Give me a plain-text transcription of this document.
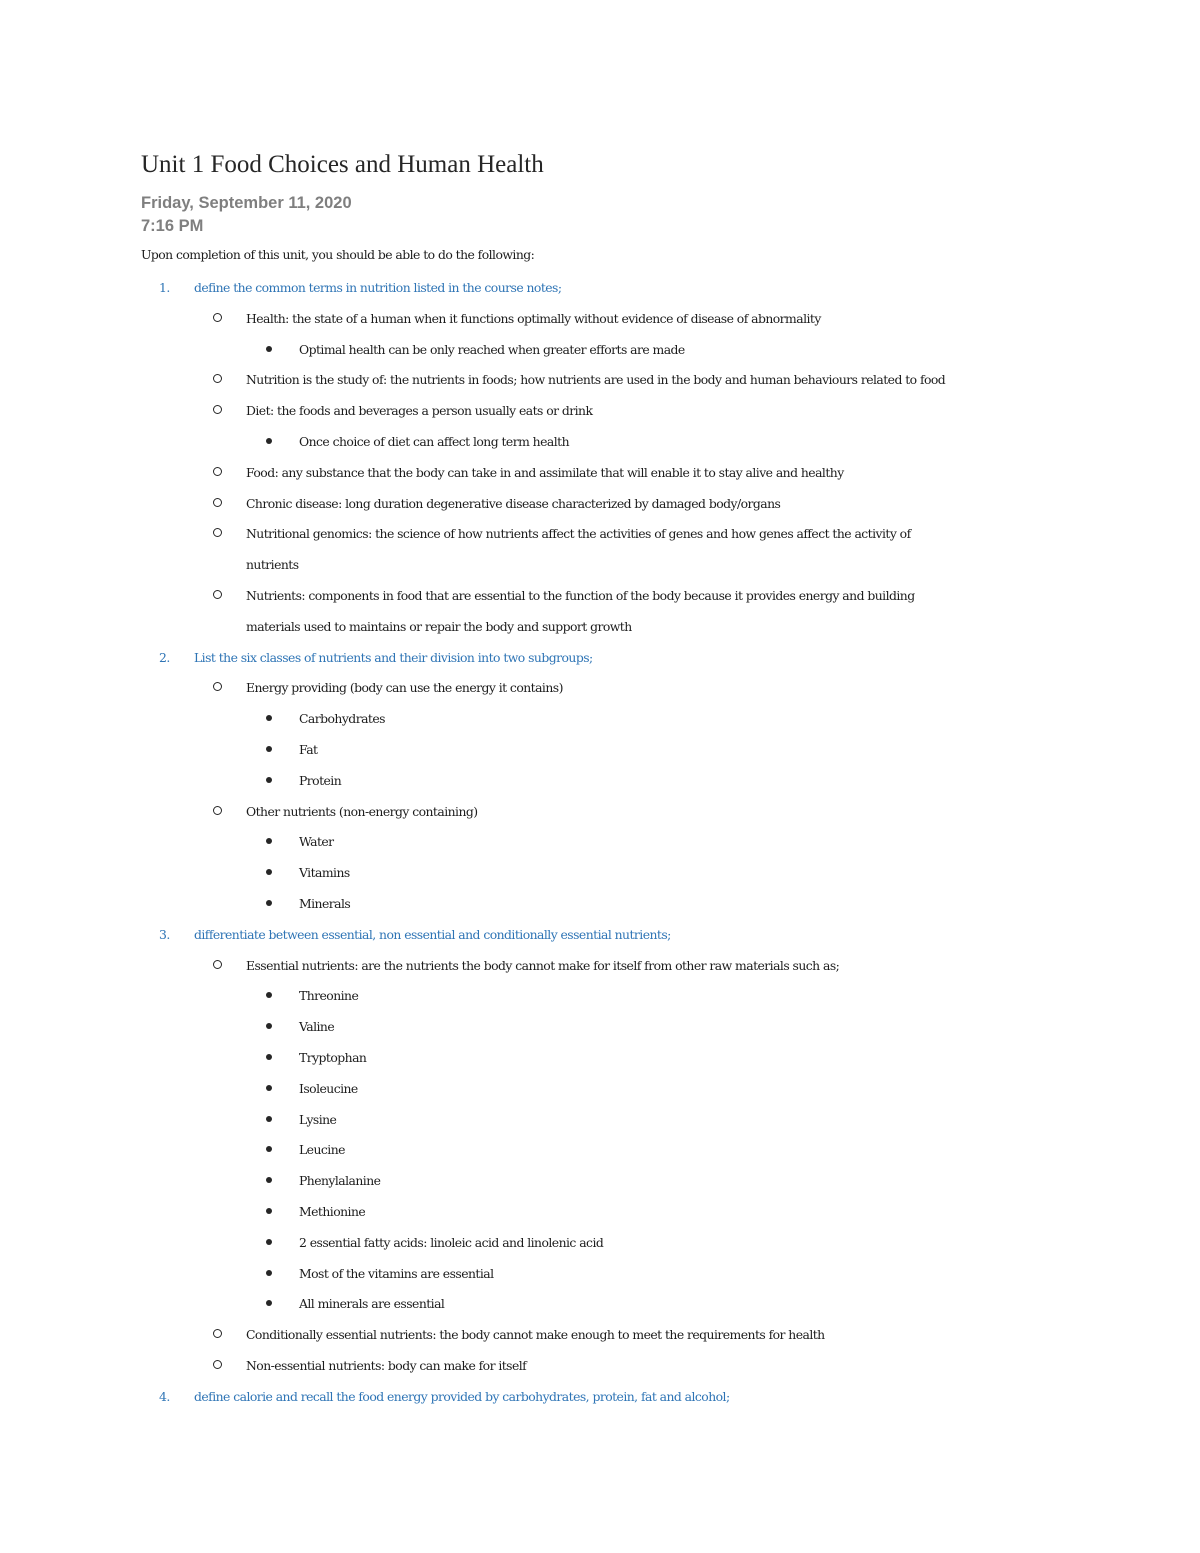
Unit 1 Food Choices and Human Health
Friday, September 11, 2020
7:16 PM
Upon completion of this unit, you should be able to do the following:
1. define the common terms in nutrition listed in the course notes;
Health: the state of a human when it functions optimally without evidence of disease of abnormality
Optimal health can be only reached when greater efforts are made
Nutrition is the study of: the nutrients in foods; how nutrients are used in the body and human behaviours related to food
Diet: the foods and beverages a person usually eats or drink
Once choice of diet can affect long term health
Food: any substance that the body can take in and assimilate that will enable it to stay alive and healthy
Chronic disease: long duration degenerative disease characterized by damaged body/organs
Nutritional genomics: the science of how nutrients affect the activities of genes and how genes affect the activity of
nutrients
Nutrients: components in food that are essential to the function of the body because it provides energy and building
materials used to maintains or repair the body and support growth
2. List the six classes of nutrients and their division into two subgroups;
Energy providing (body can use the energy it contains)
Carbohydrates
Fat
Protein
Other nutrients (non-energy containing)
Water
Vitamins
Minerals
3. differentiate between essential, non essential and conditionally essential nutrients;
Essential nutrients: are the nutrients the body cannot make for itself from other raw materials such as;
Threonine
Valine
Tryptophan
Isoleucine
Lysine
Leucine
Phenylalanine
Methionine
2 essential fatty acids: linoleic acid and linolenic acid
Most of the vitamins are essential
All minerals are essential
Conditionally essential nutrients: the body cannot make enough to meet the requirements for health
Non-essential nutrients: body can make for itself
4. define calorie and recall the food energy provided by carbohydrates, protein, fat and alcohol;
